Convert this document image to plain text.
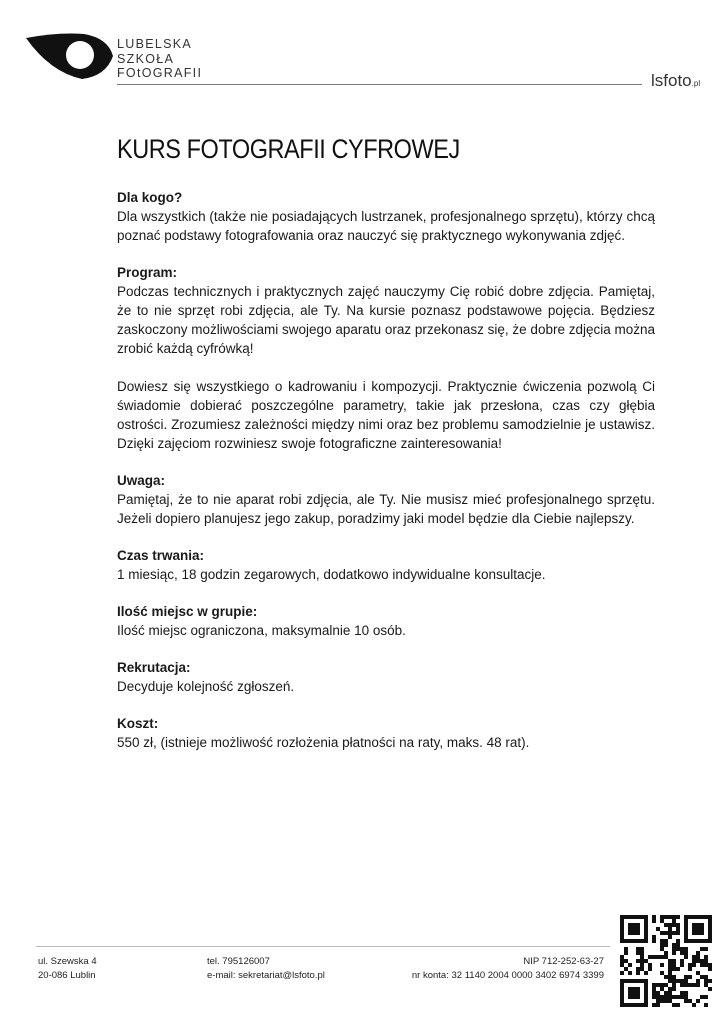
LUBELSKA
SZKOŁA
FOtOGRAFII	lsfoto.pl
KURS FOTOGRAFII CYFROWEJ
Dla kogo?

Dla wszystkich (także nie posiadających lustrzanek, profesjonalnego sprzętu), którzy chcą poznać podstawy fotografowania oraz nauczyć się praktycznego wykonywania zdjęć.

Program:

Podczas technicznych i praktycznych zajęć nauczymy Cię robić dobre zdjęcia. Pamiętaj, że to nie sprzęt robi zdjęcia, ale Ty. Na kursie poznasz podstawowe pojęcia. Będziesz zaskoczony możliwościami swojego aparatu oraz przekonasz się, że dobre zdjęcia można zrobić każdą cyfrówką!

Dowiesz się wszystkiego o kadrowaniu i kompozycji. Praktycznie ćwiczenia pozwolą Ci świadomie dobierać poszczególne parametry, takie jak przesłona, czas czy głębia ostrości. Zrozumiesz zależności między nimi oraz bez problemu samodzielnie je ustawisz. Dzięki zajęciom rozwiniesz swoje fotograficzne zainteresowania!

Uwaga:

Pamiętaj, że to nie aparat robi zdjęcia, ale Ty. Nie musisz mieć profesjonalnego sprzętu. Jeżeli dopiero planujesz jego zakup, poradzimy jaki model będzie dla Ciebie najlepszy.

Czas trwania:

1 miesiąc, 18 godzin zegarowych, dodatkowo indywidualne konsultacje.

Ilość miejsc w grupie:

Ilość miejsc ograniczona, maksymalnie 10 osób.

Rekrutacja:

Decyduje kolejność zgłoszeń.

Koszt:

550 zł, (istnieje możliwość rozłożenia płatności na raty, maks. 48 rat).

ul. Szewska 4
20-086 Lublin
tel. 795126007
e-mail: sekretariat@lsfoto.pl
NIP 712-252-63-27
nr konta: 32 1140 2004 0000 3402 6974 3399
